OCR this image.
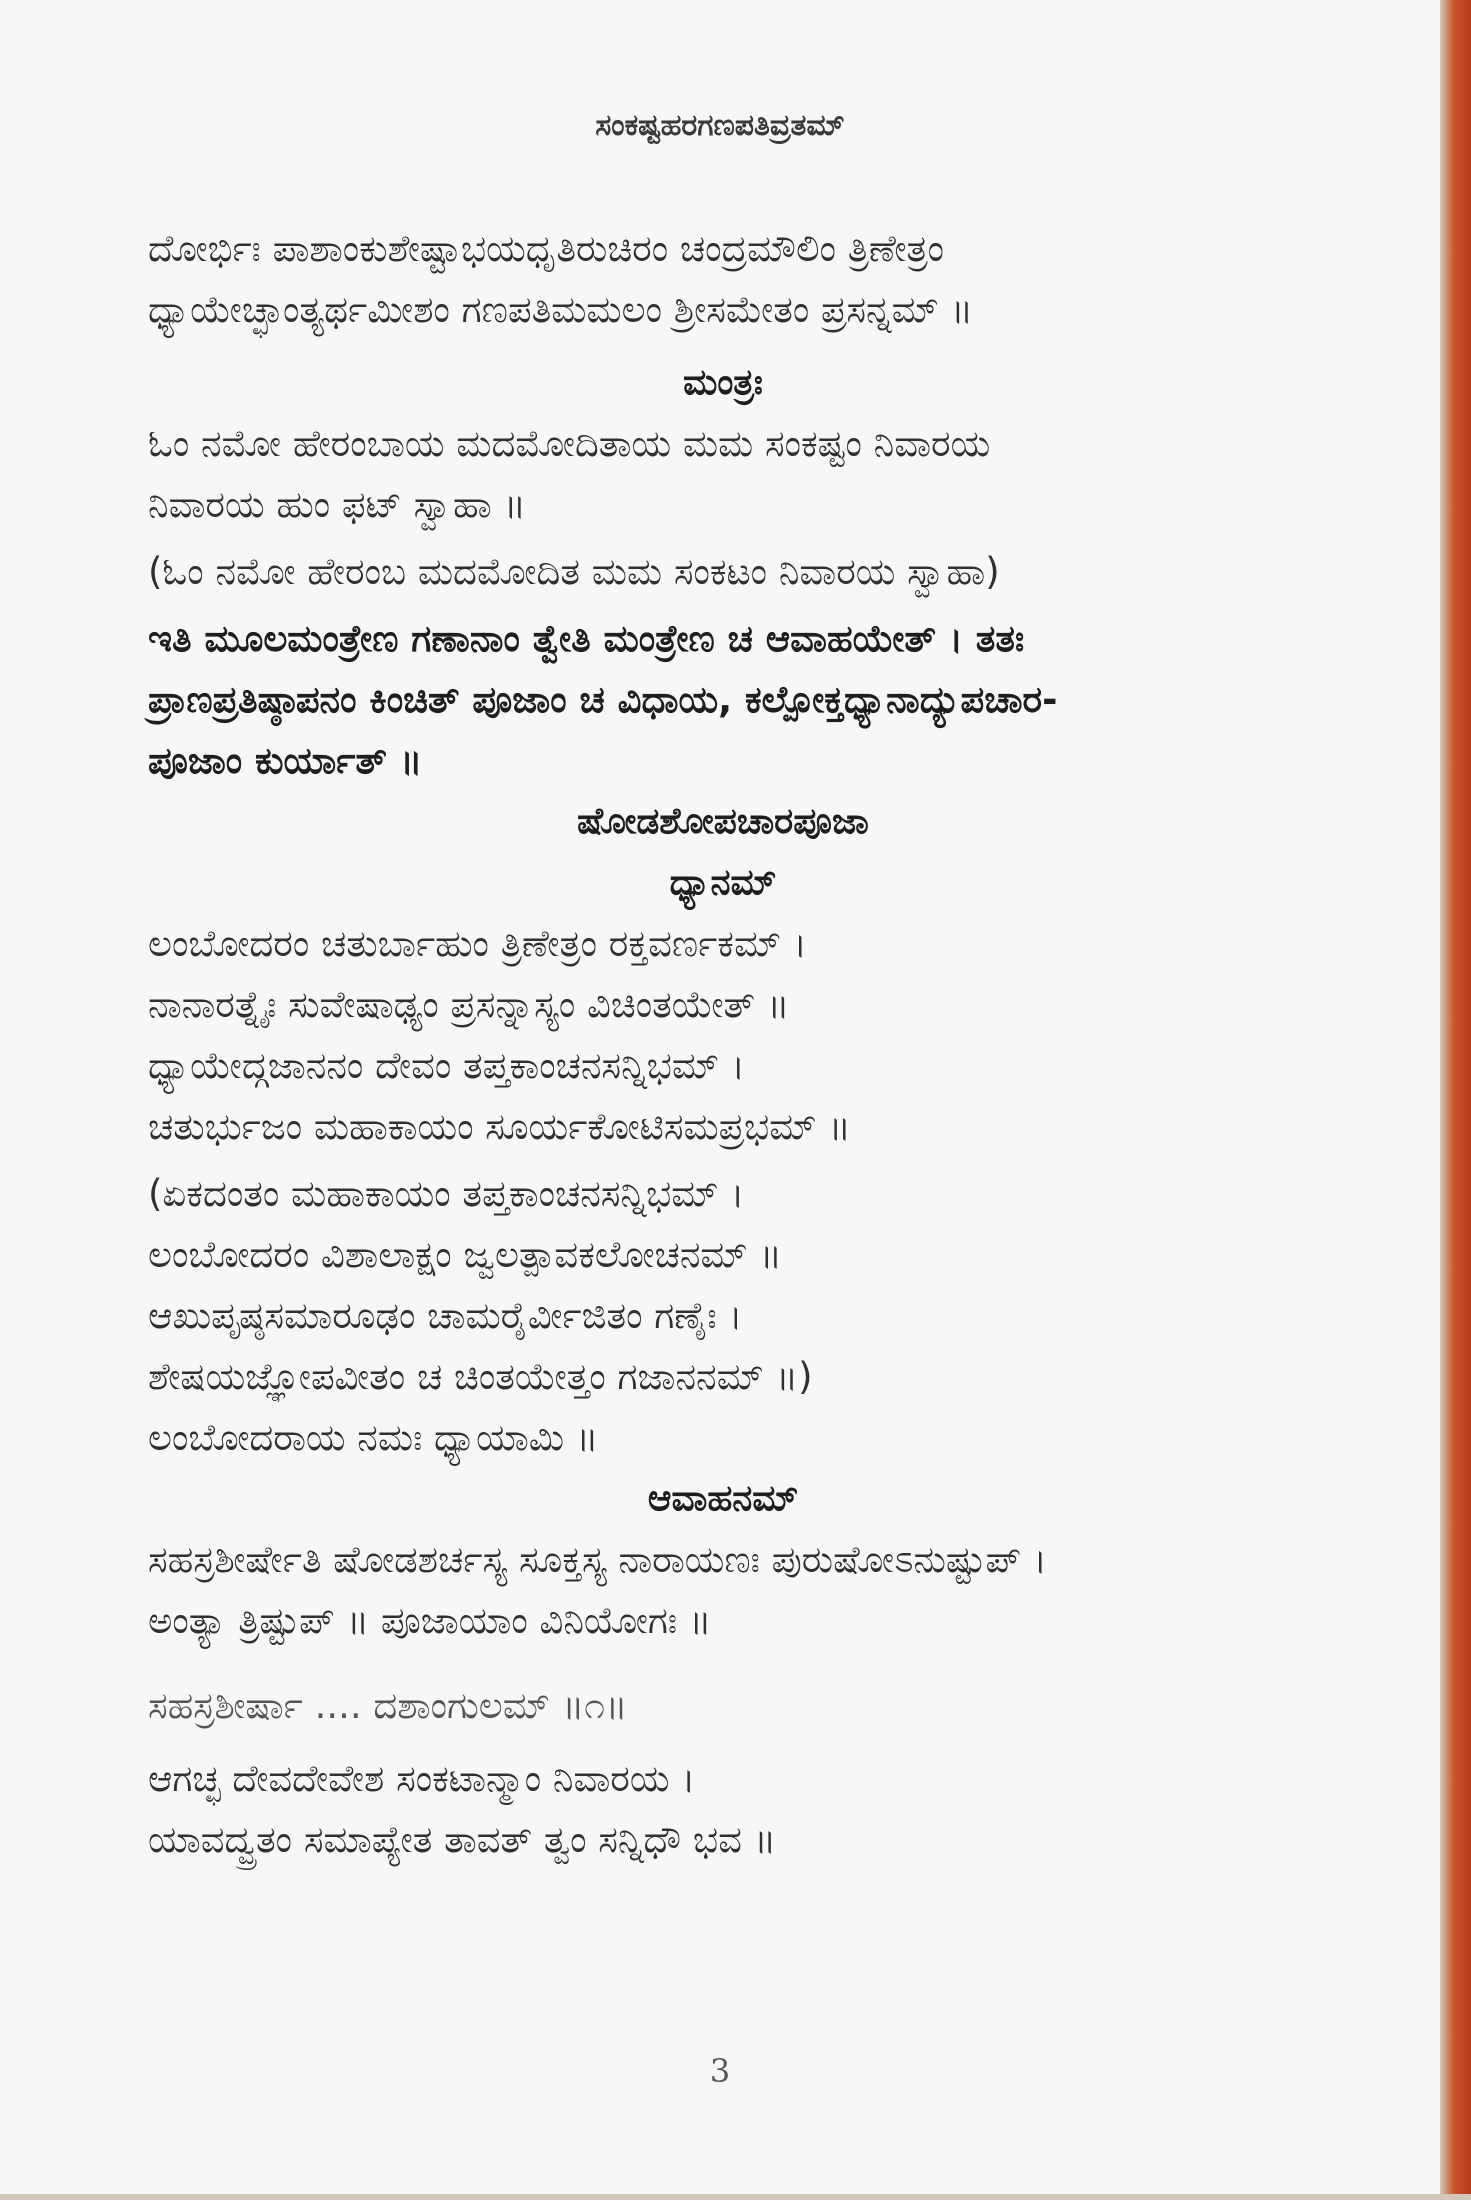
ಸಂಕಷ್ಟಹರಗಣಪತಿವ್ರತಮ್
ದೋರ್ಭಿಃ ಪಾಶಾಂಕುಶೇಷ್ಟಾಭಯಧೃತಿರುಚಿರಂ ಚಂದ್ರಮೌಲಿಂ ತ್ರಿಣೇತ್ರಂ
ಧ್ಯಾಯೇಚ್ಛಾಂತ್ಯರ್ಥಮೀಶಂ ಗಣಪತಿಮಮಲಂ ಶ್ರೀಸಮೇತಂ ಪ್ರಸನ್ನಮ್ ॥
ಮಂತ್ರಃ
ಓಂ ನಮೋ ಹೇರಂಬಾಯ ಮದಮೋದಿತಾಯ ಮಮ ಸಂಕಷ್ಟಂ ನಿವಾರಯ
ನಿವಾರಯ ಹುಂ ಫಟ್ ಸ್ವಾಹಾ ॥
(ಓಂ ನಮೋ ಹೇರಂಬ ಮದಮೋದಿತ ಮಮ ಸಂಕಟಂ ನಿವಾರಯ ಸ್ವಾಹಾ)
ಇತಿ ಮೂಲಮಂತ್ರೇಣ ಗಣಾನಾಂ ತ್ವೇತಿ ಮಂತ್ರೇಣ ಚ ಆವಾಹಯೇತ್ । ತತಃ
ಪ್ರಾಣಪ್ರತಿಷ್ಠಾಪನಂ ಕಿಂಚಿತ್ ಪೂಜಾಂ ಚ ವಿಧಾಯ, ಕಲ್ಪೋಕ್ತಧ್ಯಾನಾದ್ಯುಪಚಾರ-
ಪೂಜಾಂ ಕುರ್ಯಾತ್ ॥
ಷೋಡಶೋಪಚಾರಪೂಜಾ
ಧ್ಯಾನಮ್
ಲಂಬೋದರಂ ಚತುರ್ಬಾಹುಂ ತ್ರಿಣೇತ್ರಂ ರಕ್ತವರ್ಣಕಮ್ ।
ನಾನಾರತ್ನೈಃ ಸುವೇಷಾಢ್ಯಂ ಪ್ರಸನ್ನಾಸ್ಯಂ ವಿಚಿಂತಯೇತ್ ॥
ಧ್ಯಾಯೇದ್ಗಜಾನನಂ ದೇವಂ ತಪ್ತಕಾಂಚನಸನ್ನಿಭಮ್ ।
ಚತುರ್ಭುಜಂ ಮಹಾಕಾಯಂ ಸೂರ್ಯಕೋಟಿಸಮಪ್ರಭಮ್ ॥
(ಏಕದಂತಂ ಮಹಾಕಾಯಂ ತಪ್ತಕಾಂಚನಸನ್ನಿಭಮ್ ।
ಲಂಬೋದರಂ ವಿಶಾಲಾಕ್ಷಂ ಜ್ವಲತ್ಪಾವಕಲೋಚನಮ್ ॥
ಆಖುಪೃಷ್ಠಸಮಾರೂಢಂ ಚಾಮರೈರ್ವೀಜಿತಂ ಗಣೈಃ ।
ಶೇಷಯಜ್ಞೋಪವೀತಂ ಚ ಚಿಂತಯೇತ್ತಂ ಗಜಾನನಮ್ ॥)
ಲಂಬೋದರಾಯ ನಮಃ ಧ್ಯಾಯಾಮಿ ॥
ಆವಾಹನಮ್
ಸಹಸ್ರಶೀರ್ಷೇತಿ ಷೋಡಶರ್ಚಸ್ಯ ಸೂಕ್ತಸ್ಯ ನಾರಾಯಣಃ ಪುರುಷೋಽನುಷ್ಟುಪ್ ।
ಅಂತ್ಯಾ ತ್ರಿಷ್ಟುಪ್ ॥ ಪೂಜಾಯಾಂ ವಿನಿಯೋಗಃ ॥
ಸಹಸ್ರಶೀರ್ಷಾ .... ದಶಾಂಗುಲಮ್ ॥೧॥
ಆಗಚ್ಛ ದೇವದೇವೇಶ ಸಂಕಟಾನ್ಮಾಂ ನಿವಾರಯ ।
ಯಾವದ್ವ್ರತಂ ಸಮಾಪ್ಯೇತ ತಾವತ್ ತ್ವಂ ಸನ್ನಿಧೌ ಭವ ॥
3
